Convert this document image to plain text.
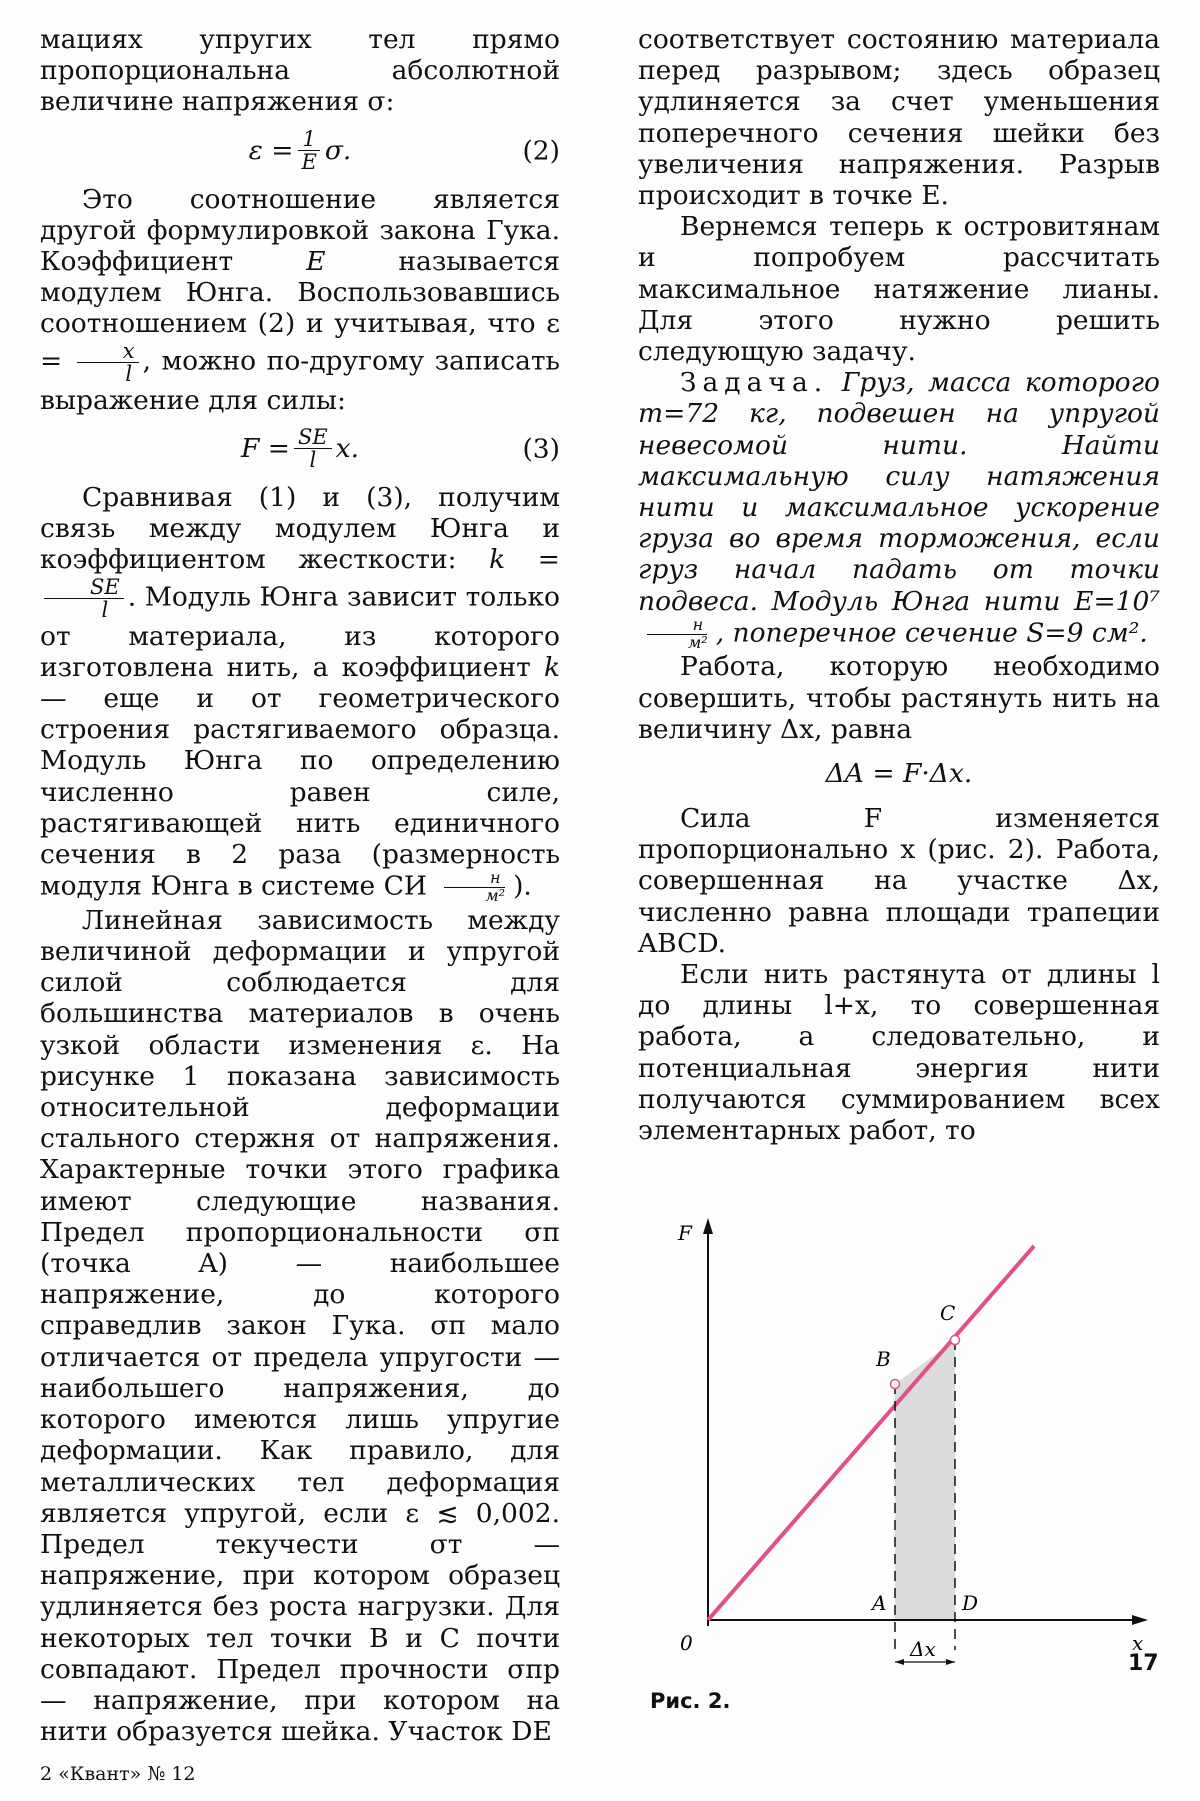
мациях упругих тел прямо пропорциональна абсолютной величине напряжения σ:

$\varepsilon = \frac{1}{E} \sigma$.	(2)

Это соотношение является другой формулировкой закона Гука. Коэффициент E называется модулем Юнга. Воспользовавшись соотношением (2) и учитывая, что $\varepsilon = \frac{x}{l}$ , можно по-другому записать выражение для силы:

$F = \frac{SE}{l} x$.	(3)

Сравнивая (1) и (3), получим связь между модулем Юнга и коэффициентом жесткости: k =
$\frac{SE}{l}$ . Модуль Юнга зависит только от материала, из которого изготовлена нить, а коэффициент k — еще и от геометрического строения растягиваемого образца. Модуль Юнга по определению численно равен силе, растягивающей нить единичного сечения в 2 раза (размерность модуля Юнга в системе СИ $\frac{н}{\text{м²}}$ ).

Линейная зависимость между величиной деформации и упругой силой соблюдается для большинства материалов в очень узкой области изменения ε. На рисунке 1 показана зависимость относительной деформации стального стержня от напряжения. Характерные точки этого графика имеют следующие названия. Предел пропорциональности σп (точка A) — наибольшее напряжение, до которого справедлив закон Гука. σп мало отличается от предела упругости — наибольшего напряжения, до которого имеются лишь упругие деформации. Как правило, для металлических тел деформация является упругой, если ε ≲ 0,002. Предел текучести σт — напряжение, при котором образец удлиняется без роста нагрузки. Для некоторых тел точки B и C почти совпадают. Предел прочности σпр — напряжение, при котором на нити образуется шейка. Участок DE

соответствует состоянию материала перед разрывом; здесь образец удлиняется за счет уменьшения поперечного сечения шейки без увеличения напряжения. Разрыв происходит в точке E.

Вернемся теперь к островитянам и попробуем рассчитать максимальное натяжение лианы. Для этого нужно решить следующую задачу.

Задача. Груз, масса которого m=72 кг, подвешен на упругой невесомой нити. Найти максимальную силу натяжения нити и максимальное ускорение груза во время торможения, если груз начал падать от точки подвеса. Модуль Юнга нити E=10⁷
$\frac{н}{\text{м²}}$ , поперечное сечение S=9 см².

Работа, которую необходимо совершить, чтобы растянуть нить на величину Δx, равна

ΔA = F·Δx.

Сила F изменяется пропорционально x (рис. 2). Работа, совершенная на участке Δx, численно равна площади трапеции ABCD.

Если нить растянута от длины l до длины l+x, то совершенная работа, а следовательно, и потенциальная энергия нити получаются суммированием всех элементарных работ, то

F
x
0
A
B
C
D
Δx
Рис. 2.
17
2 «Квант» № 12
